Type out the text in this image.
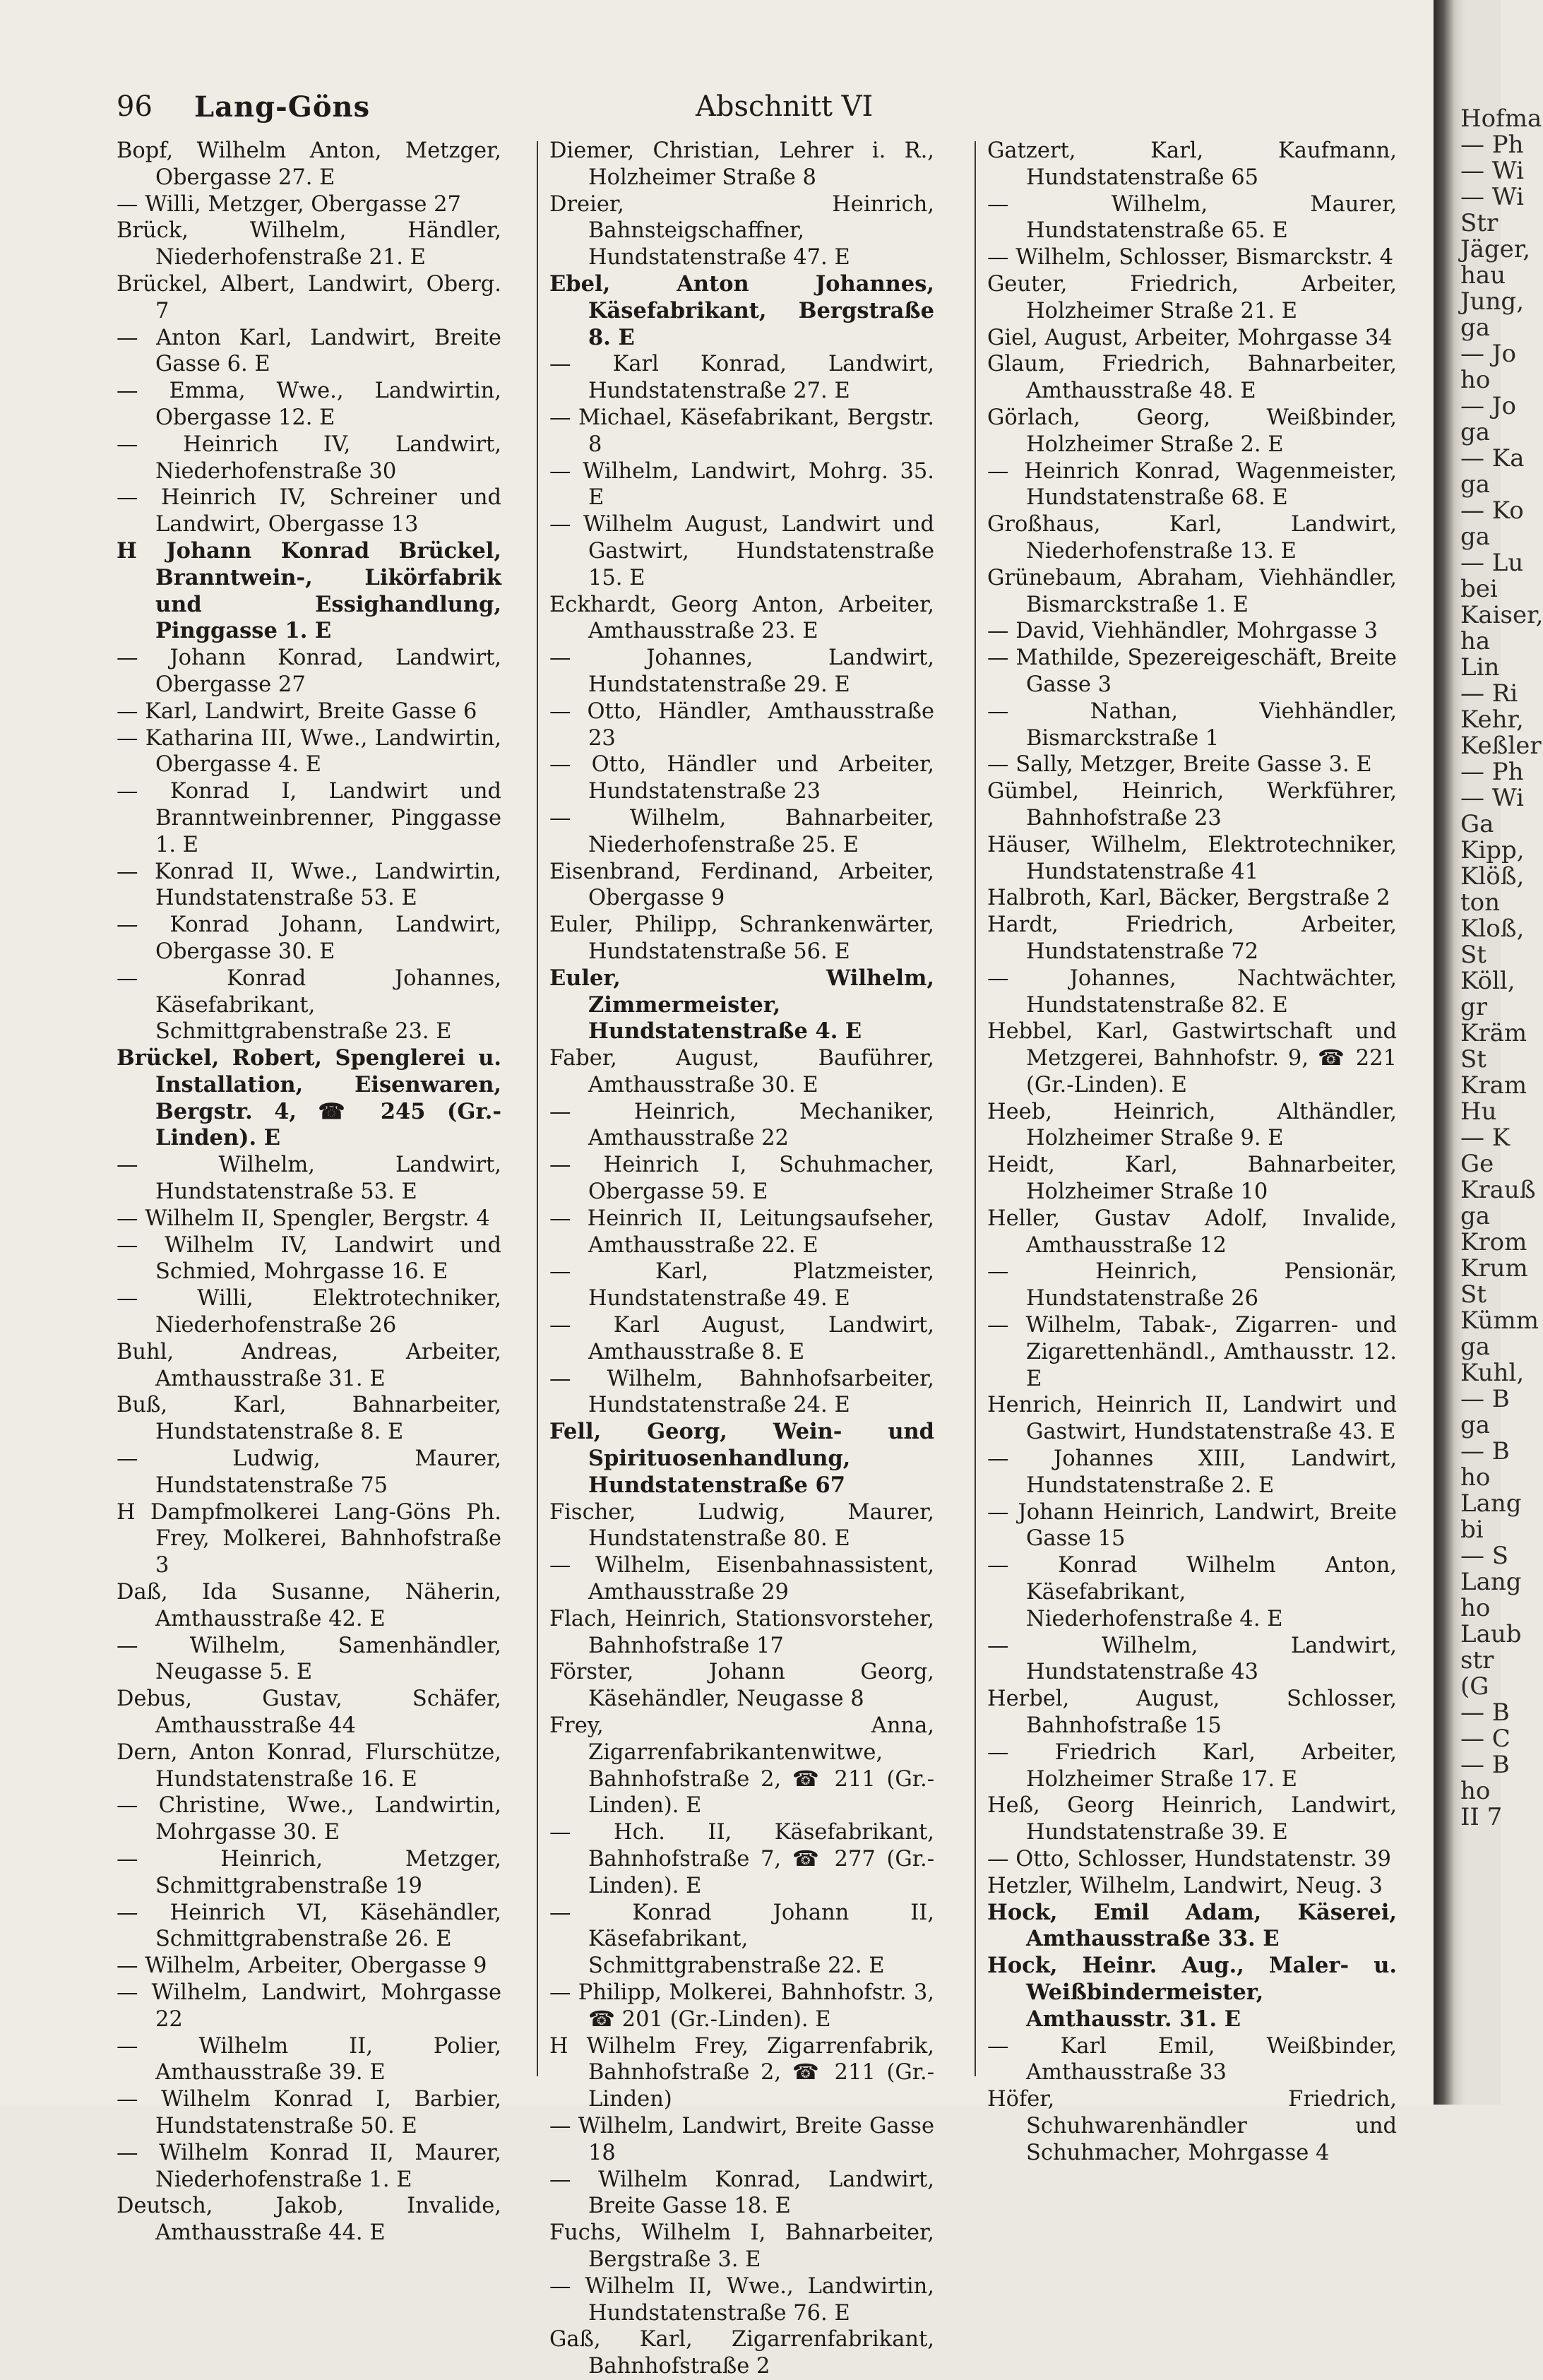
96 Lang-Göns	Abschnitt VI
Bopf, Wilhelm Anton, Metzger, Obergasse 27. E
— Willi, Metzger, Obergasse 27
Brück, Wilhelm, Händler, Niederhofenstraße 21. E
Brückel, Albert, Landwirt, Oberg. 7
— Anton Karl, Landwirt, Breite Gasse 6. E
— Emma, Wwe., Landwirtin, Obergasse 12. E
— Heinrich IV, Landwirt, Niederhofenstraße 30
— Heinrich IV, Schreiner und Landwirt, Obergasse 13
H Johann Konrad Brückel, Branntwein-, Likörfabrik und Essighandlung, Pinggasse 1. E
— Johann Konrad, Landwirt, Obergasse 27
— Karl, Landwirt, Breite Gasse 6
— Katharina III, Wwe., Landwirtin, Obergasse 4. E
— Konrad I, Landwirt und Branntweinbrenner, Pinggasse 1. E
— Konrad II, Wwe., Landwirtin, Hundstatenstraße 53. E
— Konrad Johann, Landwirt, Obergasse 30. E
— Konrad Johannes, Käsefabrikant, Schmittgrabenstraße 23. E
Brückel, Robert, Spenglerei u. Installation, Eisenwaren, Bergstr. 4, ☎ 245 (Gr.-Linden). E
— Wilhelm, Landwirt, Hundstatenstraße 53. E
— Wilhelm II, Spengler, Bergstr. 4
— Wilhelm IV, Landwirt und Schmied, Mohrgasse 16. E
— Willi, Elektrotechniker, Niederhofenstraße 26
Buhl, Andreas, Arbeiter, Amthausstraße 31. E
Buß, Karl, Bahnarbeiter, Hundstatenstraße 8. E
— Ludwig, Maurer, Hundstatenstraße 75
H Dampfmolkerei Lang-Göns Ph. Frey, Molkerei, Bahnhofstraße 3
Daß, Ida Susanne, Näherin, Amthausstraße 42. E
— Wilhelm, Samenhändler, Neugasse 5. E
Debus, Gustav, Schäfer, Amthausstraße 44
Dern, Anton Konrad, Flurschütze, Hundstatenstraße 16. E
— Christine, Wwe., Landwirtin, Mohrgasse 30. E
— Heinrich, Metzger, Schmittgrabenstraße 19
— Heinrich VI, Käsehändler, Schmittgrabenstraße 26. E
— Wilhelm, Arbeiter, Obergasse 9
— Wilhelm, Landwirt, Mohrgasse 22
— Wilhelm II, Polier, Amthausstraße 39. E
— Wilhelm Konrad I, Barbier, Hundstatenstraße 50. E
— Wilhelm Konrad II, Maurer, Niederhofenstraße 1. E
Deutsch, Jakob, Invalide, Amthausstraße 44. E
Diemer, Christian, Lehrer i. R., Holzheimer Straße 8
Dreier, Heinrich, Bahnsteigschaffner, Hundstatenstraße 47. E
Ebel, Anton Johannes, Käsefabrikant, Bergstraße 8. E
— Karl Konrad, Landwirt, Hundstatenstraße 27. E
— Michael, Käsefabrikant, Bergstr. 8
— Wilhelm, Landwirt, Mohrg. 35. E
— Wilhelm August, Landwirt und Gastwirt, Hundstatenstraße 15. E
Eckhardt, Georg Anton, Arbeiter, Amthausstraße 23. E
— Johannes, Landwirt, Hundstatenstraße 29. E
— Otto, Händler, Amthausstraße 23
— Otto, Händler und Arbeiter, Hundstatenstraße 23
— Wilhelm, Bahnarbeiter, Niederhofenstraße 25. E
Eisenbrand, Ferdinand, Arbeiter, Obergasse 9
Euler, Philipp, Schrankenwärter, Hundstatenstraße 56. E
Euler, Wilhelm, Zimmermeister, Hundstatenstraße 4. E
Faber, August, Bauführer, Amthausstraße 30. E
— Heinrich, Mechaniker, Amthausstraße 22
— Heinrich I, Schuhmacher, Obergasse 59. E
— Heinrich II, Leitungsaufseher, Amthausstraße 22. E
— Karl, Platzmeister, Hundstatenstraße 49. E
— Karl August, Landwirt, Amthausstraße 8. E
— Wilhelm, Bahnhofsarbeiter, Hundstatenstraße 24. E
Fell, Georg, Wein- und Spirituosenhandlung, Hundstatenstraße 67
Fischer, Ludwig, Maurer, Hundstatenstraße 80. E
— Wilhelm, Eisenbahnassistent, Amthausstraße 29
Flach, Heinrich, Stationsvorsteher, Bahnhofstraße 17
Förster, Johann Georg, Käsehändler, Neugasse 8
Frey, Anna, Zigarrenfabrikantenwitwe, Bahnhofstraße 2, ☎ 211 (Gr.-Linden). E
— Hch. II, Käsefabrikant, Bahnhofstraße 7, ☎ 277 (Gr.-Linden). E
— Konrad Johann II, Käsefabrikant, Schmittgrabenstraße 22. E
— Philipp, Molkerei, Bahnhofstr. 3, ☎ 201 (Gr.-Linden). E
H Wilhelm Frey, Zigarrenfabrik, Bahnhofstraße 2, ☎ 211 (Gr.-Linden)
— Wilhelm, Landwirt, Breite Gasse 18
— Wilhelm Konrad, Landwirt, Breite Gasse 18. E
Fuchs, Wilhelm I, Bahnarbeiter, Bergstraße 3. E
— Wilhelm II, Wwe., Landwirtin, Hundstatenstraße 76. E
Gaß, Karl, Zigarrenfabrikant, Bahnhofstraße 2
Gatzert, Karl, Kaufmann, Hundstatenstraße 65
— Wilhelm, Maurer, Hundstatenstraße 65. E
— Wilhelm, Schlosser, Bismarckstr. 4
Geuter, Friedrich, Arbeiter, Holzheimer Straße 21. E
Giel, August, Arbeiter, Mohrgasse 34
Glaum, Friedrich, Bahnarbeiter, Amthausstraße 48. E
Görlach, Georg, Weißbinder, Holzheimer Straße 2. E
— Heinrich Konrad, Wagenmeister, Hundstatenstraße 68. E
Großhaus, Karl, Landwirt, Niederhofenstraße 13. E
Grünebaum, Abraham, Viehhändler, Bismarckstraße 1. E
— David, Viehhändler, Mohrgasse 3
— Mathilde, Spezereigeschäft, Breite Gasse 3
— Nathan, Viehhändler, Bismarckstraße 1
— Sally, Metzger, Breite Gasse 3. E
Gümbel, Heinrich, Werkführer, Bahnhofstraße 23
Häuser, Wilhelm, Elektrotechniker, Hundstatenstraße 41
Halbroth, Karl, Bäcker, Bergstraße 2
Hardt, Friedrich, Arbeiter, Hundstatenstraße 72
— Johannes, Nachtwächter, Hundstatenstraße 82. E
Hebbel, Karl, Gastwirtschaft und Metzgerei, Bahnhofstr. 9, ☎ 221 (Gr.-Linden). E
Heeb, Heinrich, Althändler, Holzheimer Straße 9. E
Heidt, Karl, Bahnarbeiter, Holzheimer Straße 10
Heller, Gustav Adolf, Invalide, Amthausstraße 12
— Heinrich, Pensionär, Hundstatenstraße 26
— Wilhelm, Tabak-, Zigarren- und Zigarettenhändl., Amthausstr. 12. E
Henrich, Heinrich II, Landwirt und Gastwirt, Hundstatenstraße 43. E
— Johannes XIII, Landwirt, Hundstatenstraße 2. E
— Johann Heinrich, Landwirt, Breite Gasse 15
— Konrad Wilhelm Anton, Käsefabrikant, Niederhofenstraße 4. E
— Wilhelm, Landwirt, Hundstatenstraße 43
Herbel, August, Schlosser, Bahnhofstraße 15
— Friedrich Karl, Arbeiter, Holzheimer Straße 17. E
Heß, Georg Heinrich, Landwirt, Hundstatenstraße 39. E
— Otto, Schlosser, Hundstatenstr. 39
Hetzler, Wilhelm, Landwirt, Neug. 3
Hock, Emil Adam, Käserei, Amthausstraße 33. E
Hock, Heinr. Aug., Maler- u. Weißbindermeister, Amthausstr. 31. E
— Karl Emil, Weißbinder, Amthausstraße 33
Höfer, Friedrich, Schuhwarenhändler und Schuhmacher, Mohrgasse 4
Hofma
— Ph
— Wi
— Wi
Str
Jäger,
hau
Jung,
ga
— Jo
ho
— Jo
ga
— Ka
ga
— Ko
ga
— Lu
bei
Kaiser,
ha
Lin
— Ri
Kehr,
Keßler
— Ph
— Wi
Ga
Kipp,
Klöß,
ton
Kloß,
St
Köll,
gr
Kräm
St
Kram
Hu
— K
Ge
Krauß
ga
Krom
Krum
St
Kümm
ga
Kuhl,
— B
ga
— B
ho
Lang
bi
— S
Lang
ho
Laub
str
(G
— B
— C
— B
ho
II 7
